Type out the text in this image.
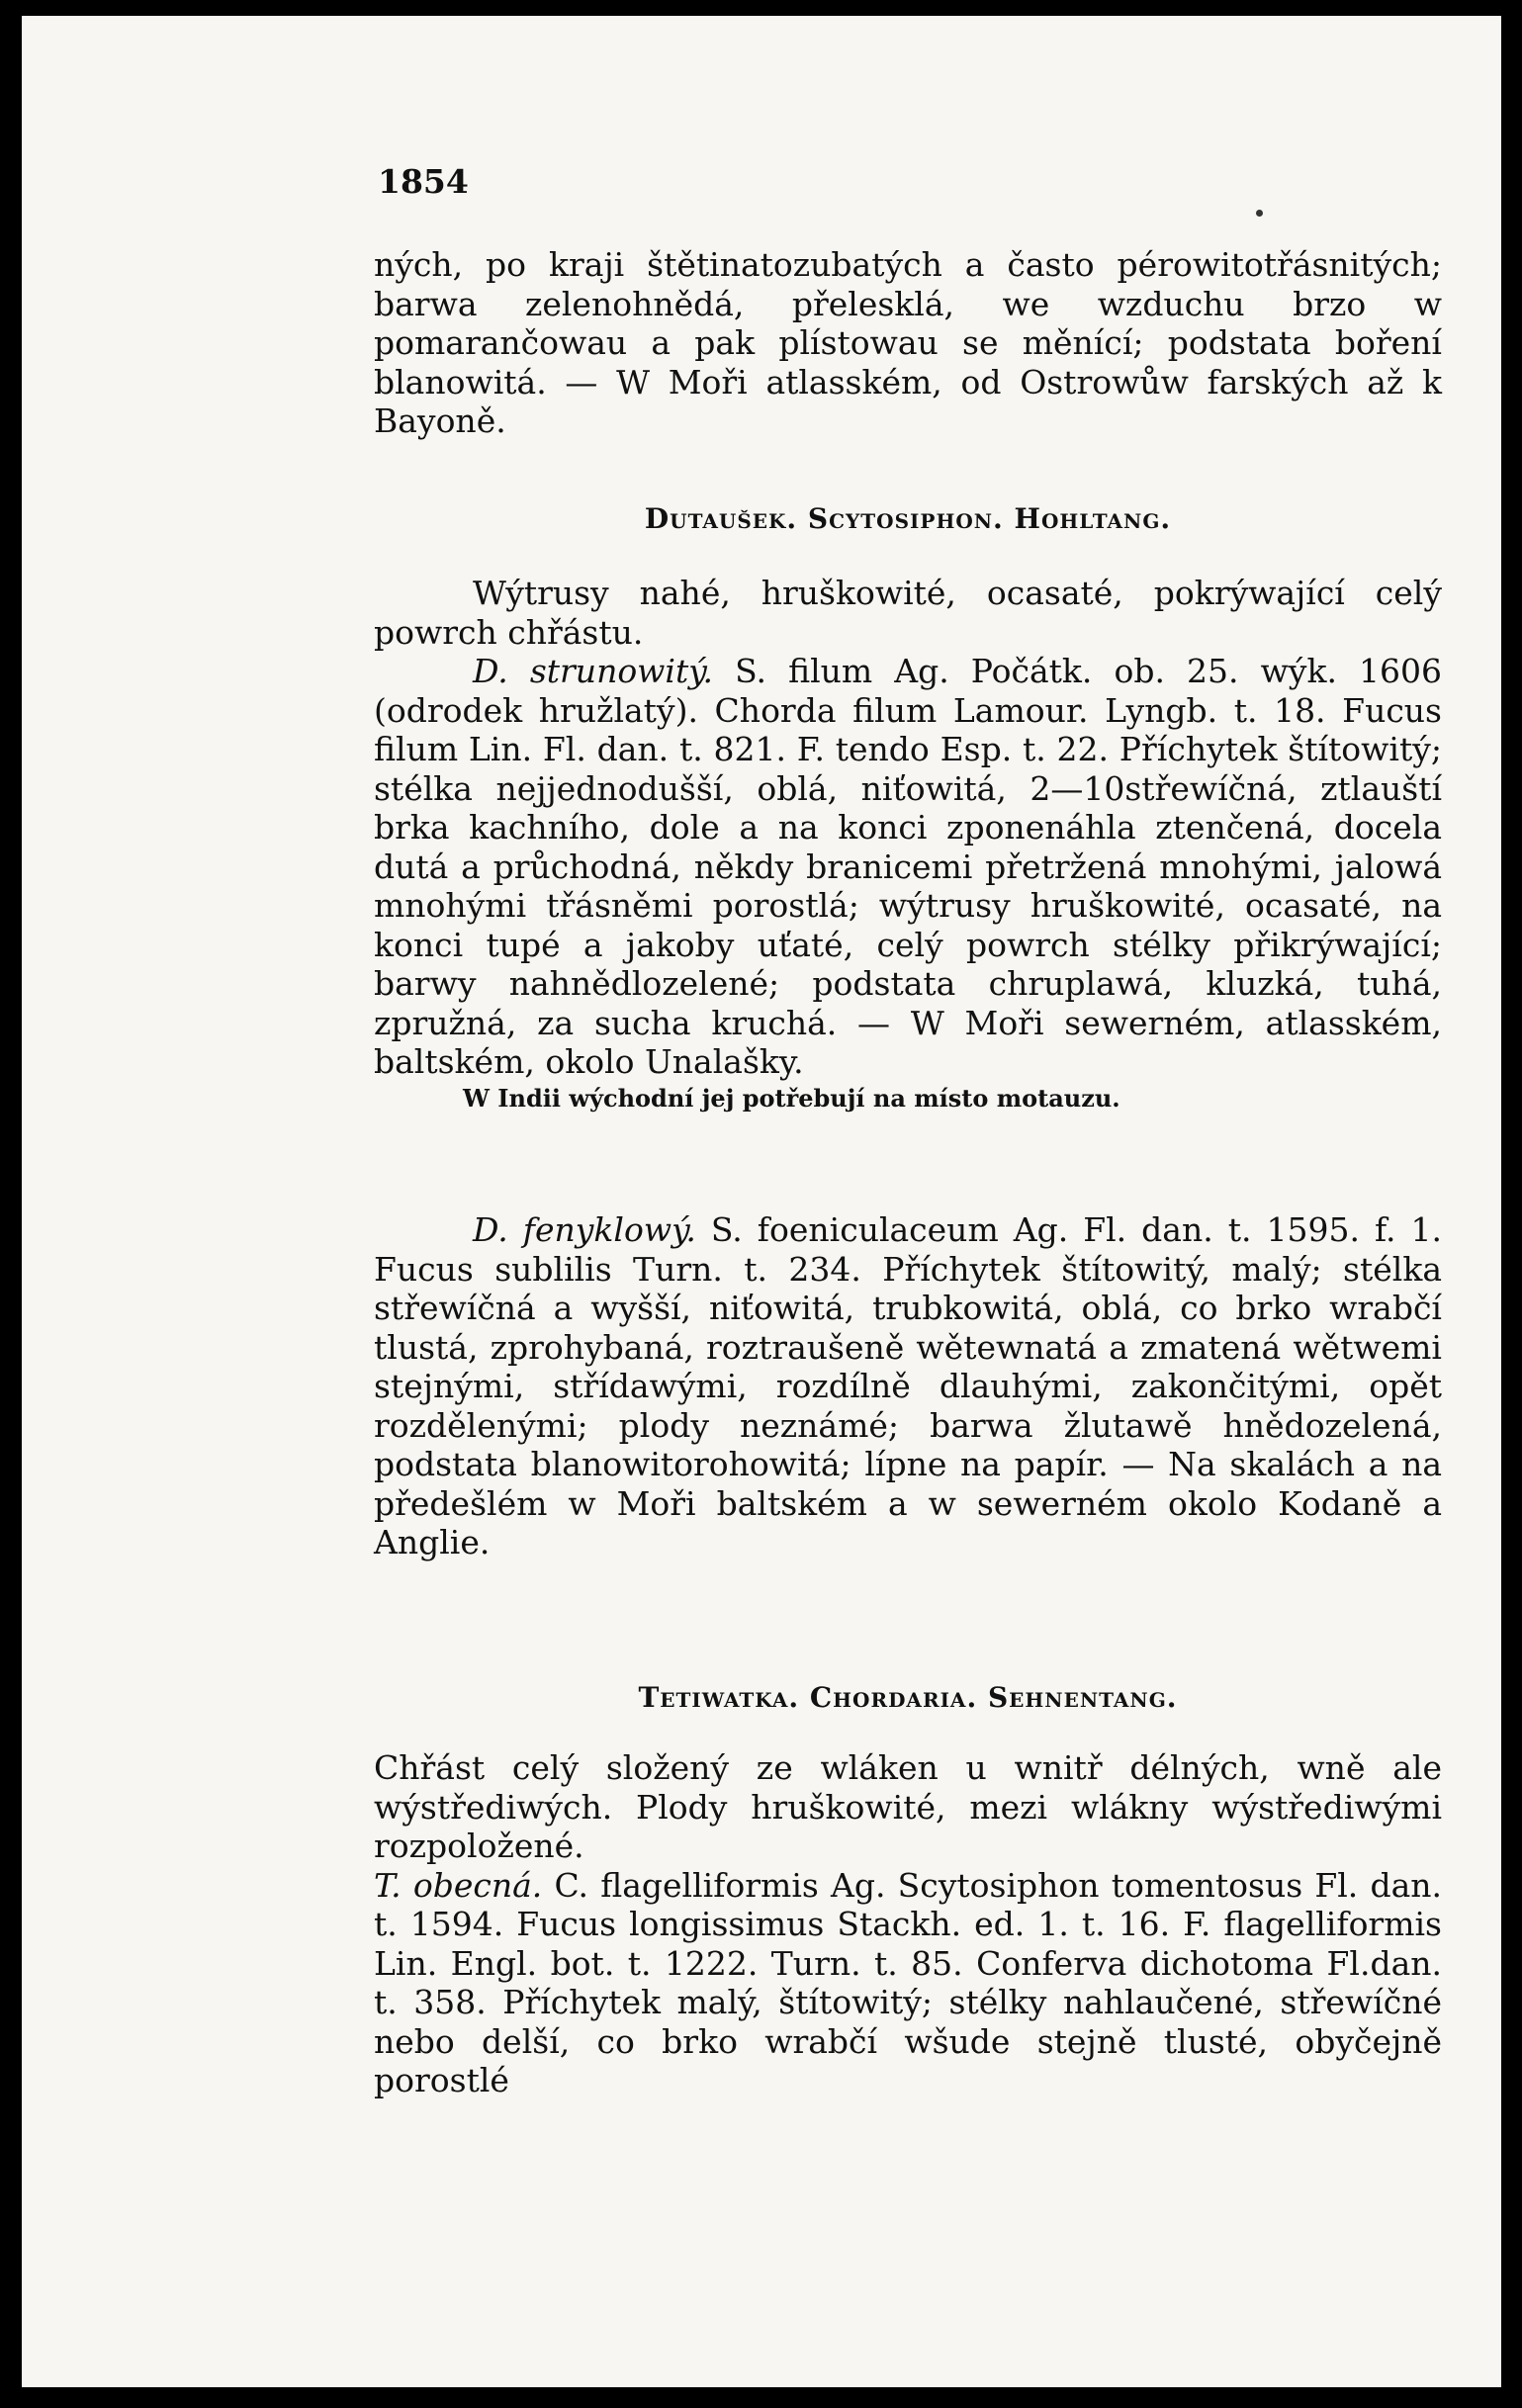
1854

ných, po kraji štětinatozubatých a často pérowitotřásnitých; barwa zelenohnědá, přelesklá, we wzduchu brzo w pomarančowau a pak plístowau se měnící; podstata boření blanowitá. — W Moři atlasském, od Ostrowůw farských až k Bayoně.

Dutaušek. Scytosiphon. Hohltang.

Wýtrusy nahé, hruškowité, ocasaté, pokrýwající celý powrch chřástu.

D. strunowitý. S. filum Ag. Počátk. ob. 25. wýk. 1606 (odrodek hružlatý). Chorda filum Lamour. Lyngb. t. 18. Fucus filum Lin. Fl. dan. t. 821. F. tendo Esp. t. 22. Příchytek štítowitý; stélka nejjednodušší, oblá, niťowitá, 2—10střewíčná, ztlauští brka kachního, dole a na konci zponenáhla ztenčená, docela dutá a průchodná, někdy branicemi přetržená mnohými, jalowá mnohými třásněmi porostlá; wýtrusy hruškowité, ocasaté, na konci tupé a jakoby uťaté, celý powrch stélky přikrýwající; barwy nahnědlozelené; podstata chruplawá, kluzká, tuhá, zpružná, za sucha kruchá. — W Moři sewerném, atlasském, baltském, okolo Unalašky.

W Indii wýchodní jej potřebují na místo motauzu.

D. fenyklowý. S. foeniculaceum Ag. Fl. dan. t. 1595. f. 1. Fucus sublilis Turn. t. 234. Příchytek štítowitý, malý; stélka střewíčná a wyšší, niťowitá, trubkowitá, oblá, co brko wrabčí tlustá, zprohybaná, roztraušeně wětewnatá a zmatená wětwemi stejnými, střídawými, rozdílně dlauhými, zakončitými, opět rozdělenými; plody neznámé; barwa žlutawě hnědozelená, podstata blanowitorohowitá; lípne na papír. — Na skalách a na předešlém w Moři baltském a w sewerném okolo Kodaně a Anglie.

Tetiwatka. Chordaria. Sehnentang.

Chřást celý složený ze wláken u wnitř délných, wně ale wýstřediwých. Plody hruškowité, mezi wlákny wýstřediwými rozpoložené.

T. obecná. C. flagelliformis Ag. Scytosiphon tomentosus Fl. dan. t. 1594. Fucus longissimus Stackh. ed. 1. t. 16. F. flagelliformis Lin. Engl. bot. t. 1222. Turn. t. 85. Conferva dichotoma Fl.dan. t. 358. Příchytek malý, štítowitý; stélky nahlaučené, střewíčné nebo delší, co brko wrabčí wšude stejně tlusté, obyčejně porostlé
